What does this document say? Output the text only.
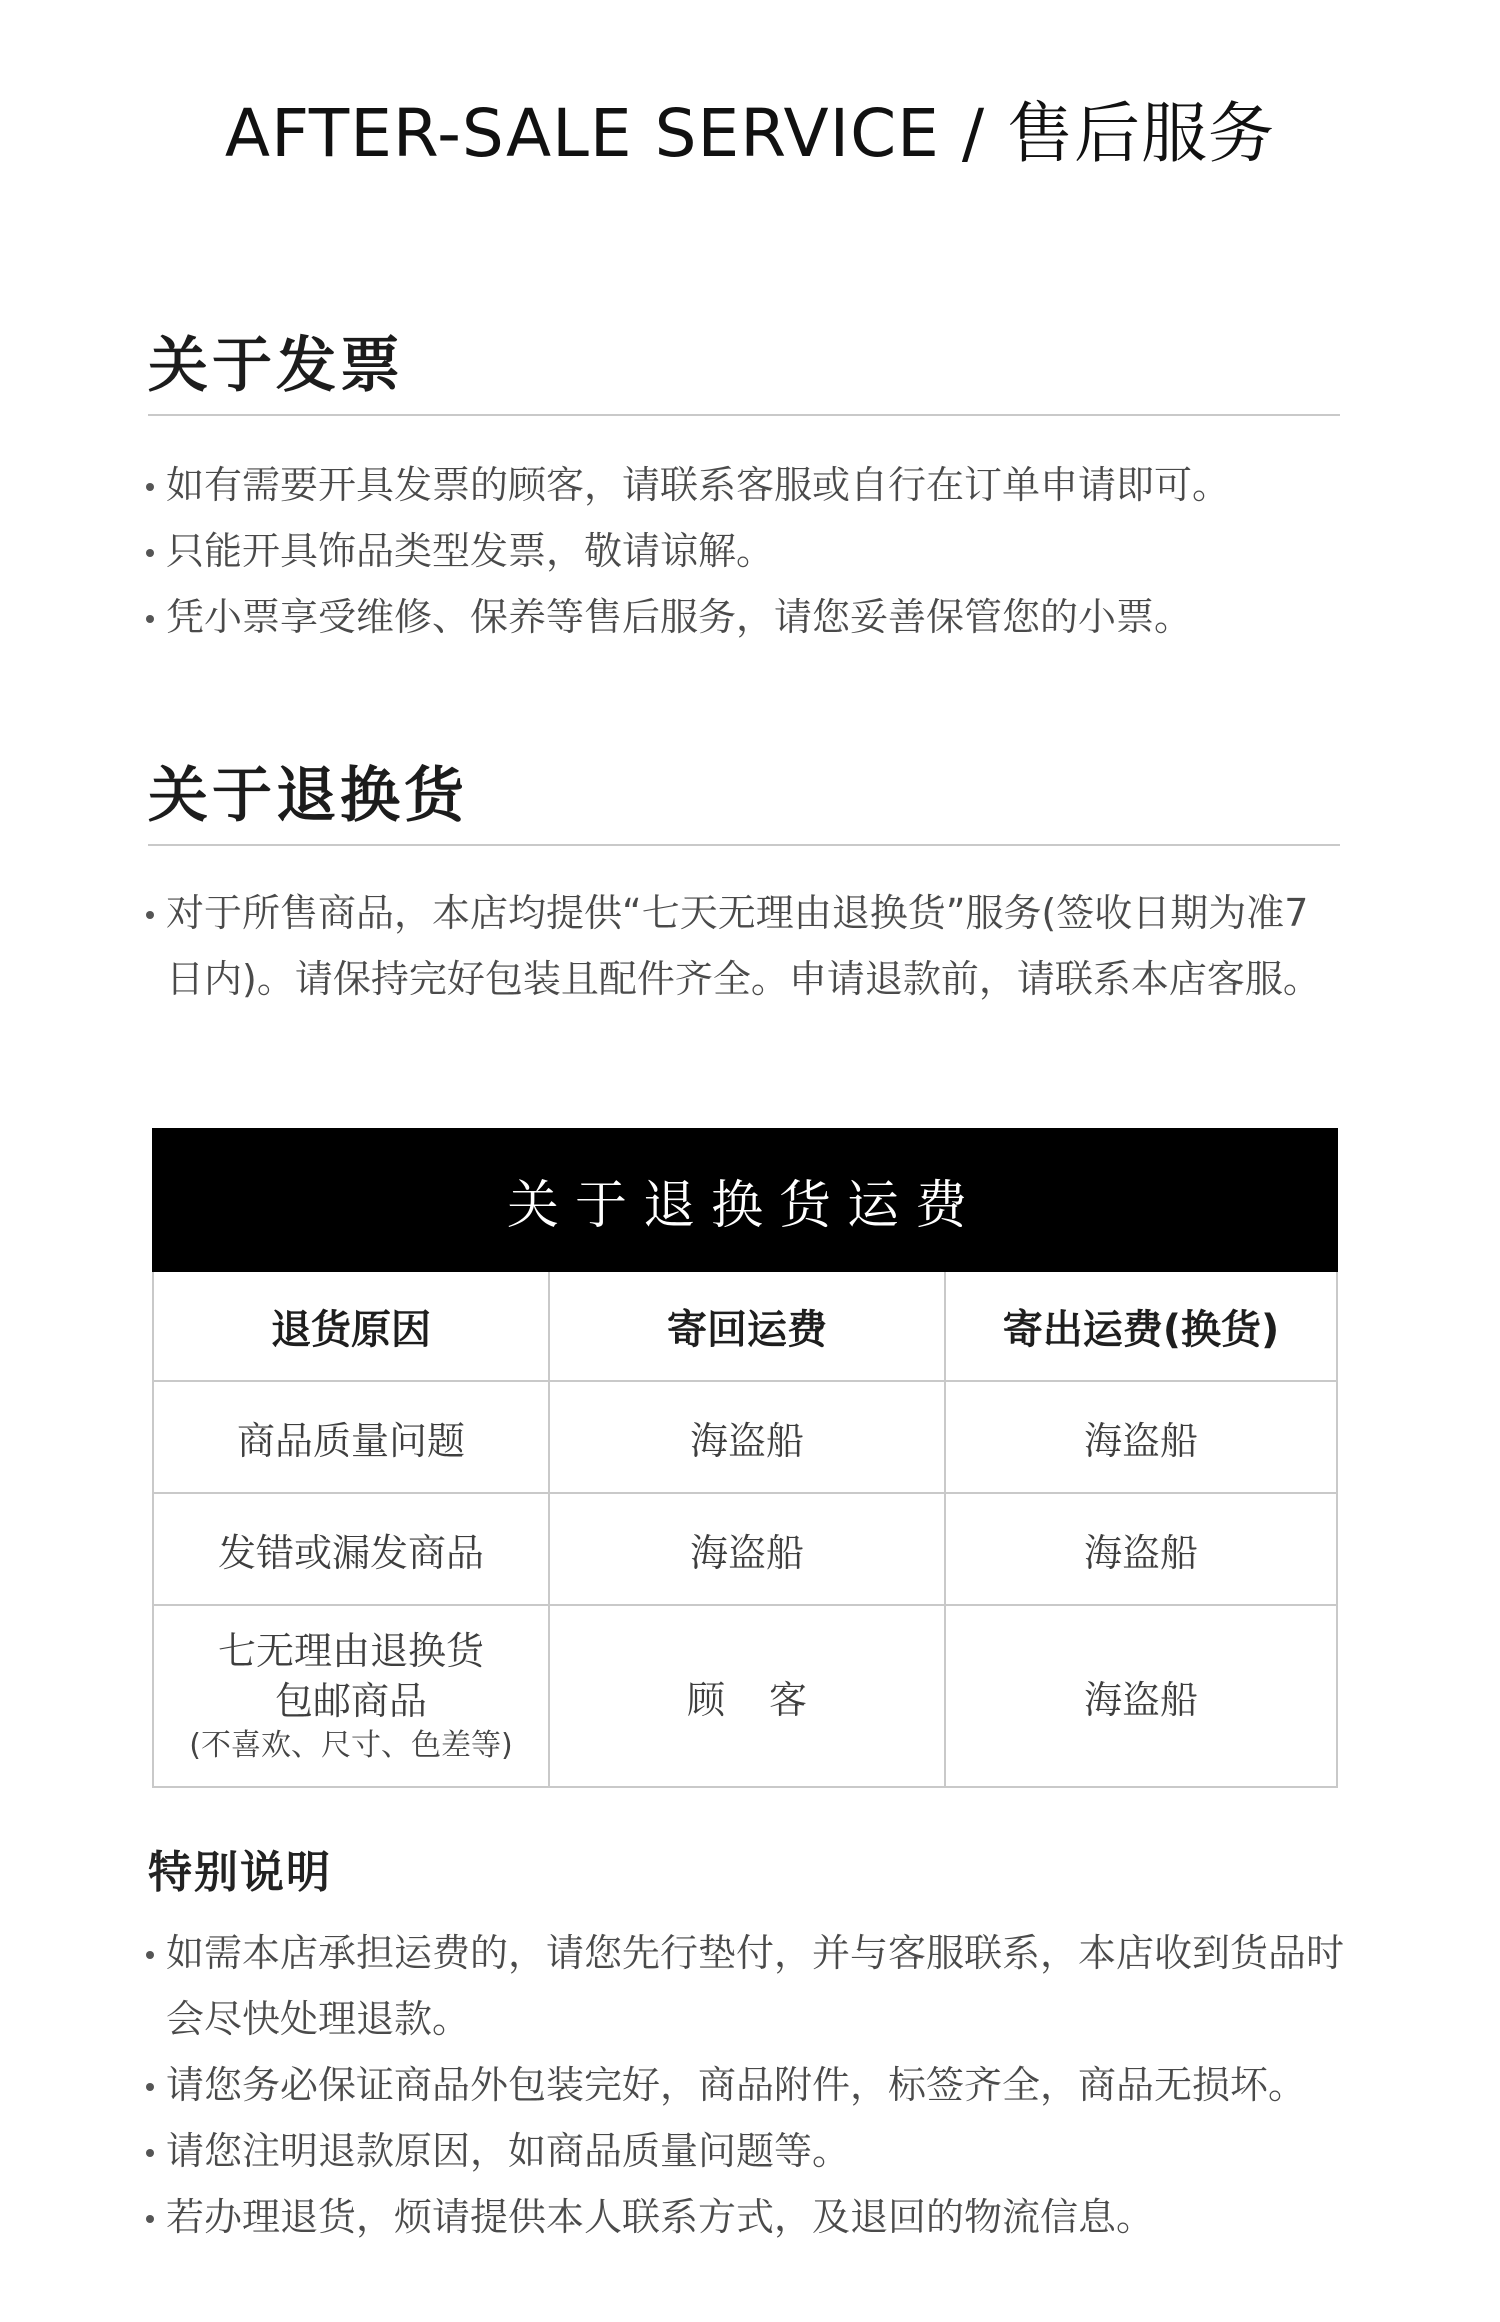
AFTER-SALE SERVICE / 售后服务
关于发票
如有需要开具发票的顾客，请联系客服或自行在订单申请即可。
只能开具饰品类型发票，敬请谅解。
凭小票享受维修、保养等售后服务，请您妥善保管您的小票。
关于退换货
对于所售商品，本店均提供“七天无理由退换货”服务(签收日期为准7日内)。请保持完好包装且配件齐全。申请退款前，请联系本店客服。
关于退换货运费		
退货原因	寄回运费	寄出运费(换货)
商品质量问题	海盗船	海盗船
发错或漏发商品	海盗船	海盗船

七无理由退换货
包邮商品
(不喜欢、尺寸、色差等)	顾客	海盗船
特别说明
如需本店承担运费的，请您先行垫付，并与客服联系，本店收到货品时会尽快处理退款。
请您务必保证商品外包装完好，商品附件，标签齐全，商品无损坏。
请您注明退款原因，如商品质量问题等。
若办理退货，烦请提供本人联系方式，及退回的物流信息。
